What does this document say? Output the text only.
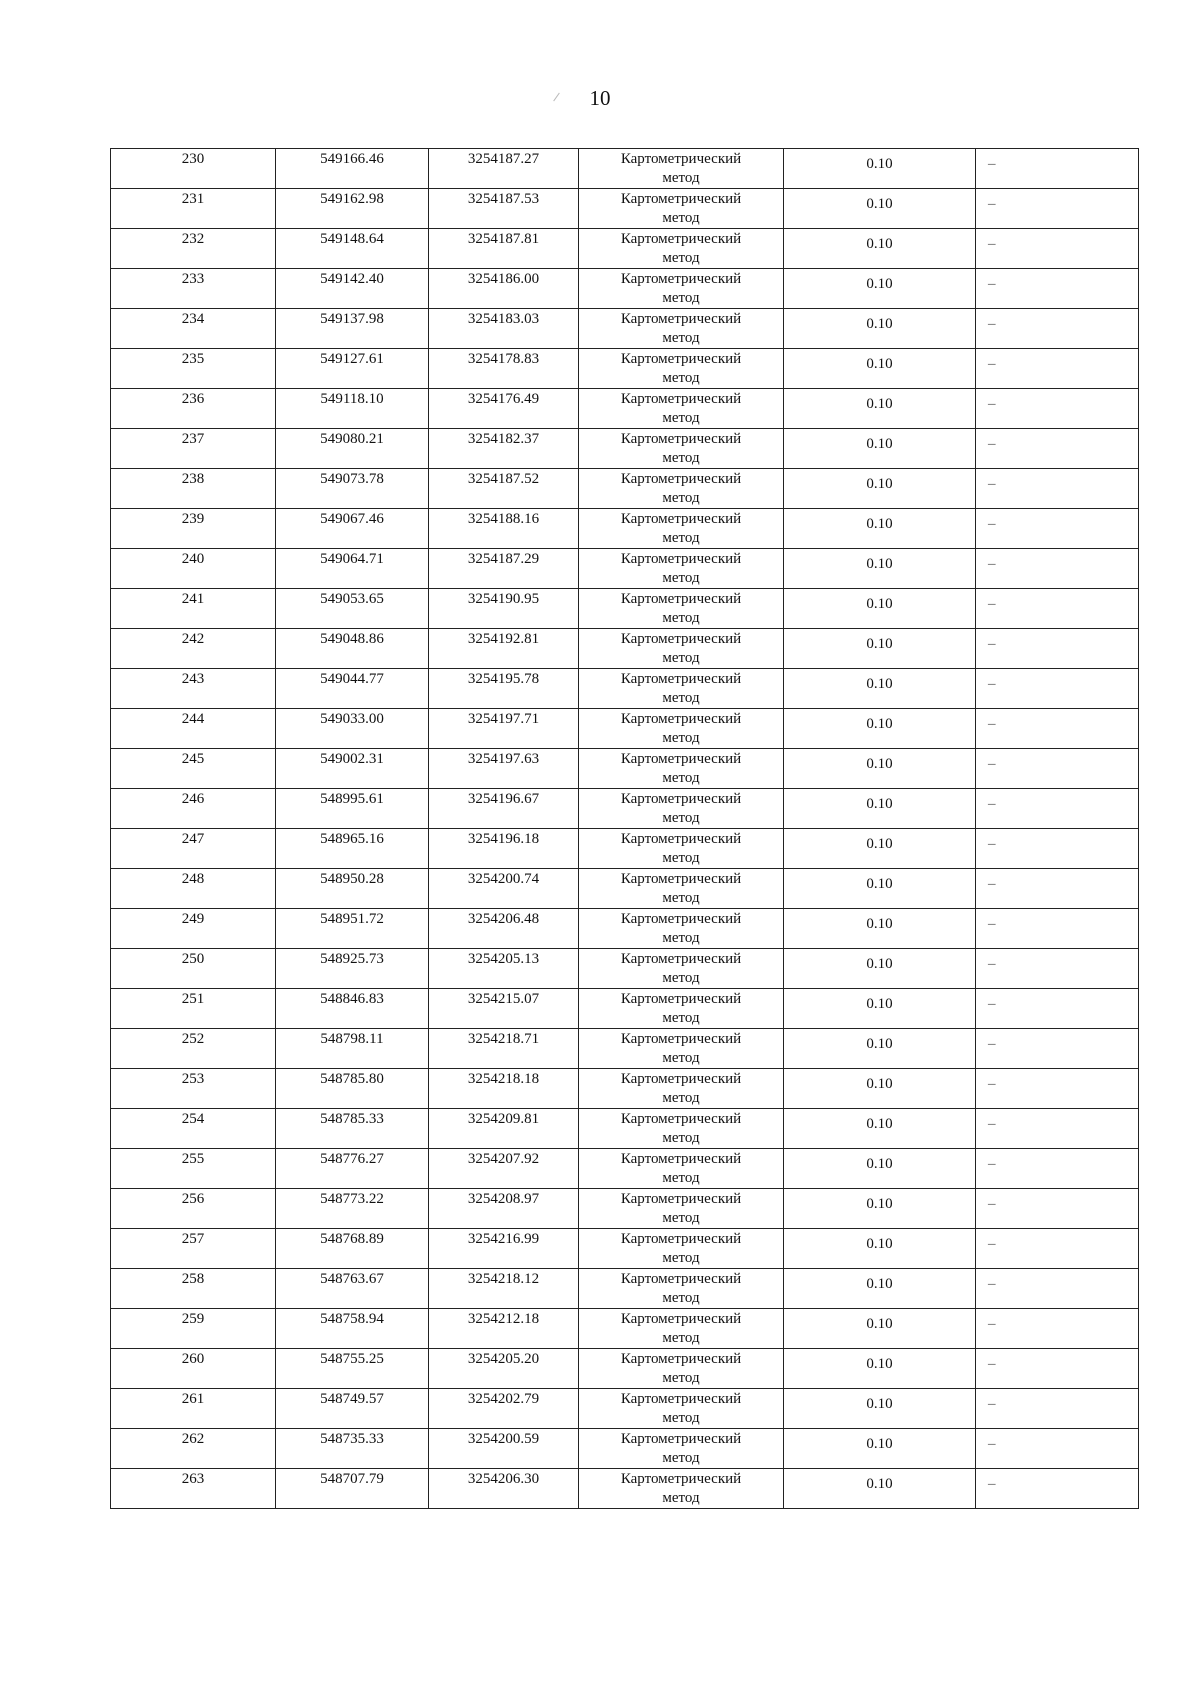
10
230	549166.46	3254187.27	Картометрический
метод	0.10	–

231	549162.98	3254187.53	Картометрический
метод	0.10	–

232	549148.64	3254187.81	Картометрический
метод	0.10	–

233	549142.40	3254186.00	Картометрический
метод	0.10	–

234	549137.98	3254183.03	Картометрический
метод	0.10	–

235	549127.61	3254178.83	Картометрический
метод	0.10	–

236	549118.10	3254176.49	Картометрический
метод	0.10	–

237	549080.21	3254182.37	Картометрический
метод	0.10	–

238	549073.78	3254187.52	Картометрический
метод	0.10	–

239	549067.46	3254188.16	Картометрический
метод	0.10	–

240	549064.71	3254187.29	Картометрический
метод	0.10	–

241	549053.65	3254190.95	Картометрический
метод	0.10	–

242	549048.86	3254192.81	Картометрический
метод	0.10	–

243	549044.77	3254195.78	Картометрический
метод	0.10	–

244	549033.00	3254197.71	Картометрический
метод	0.10	–

245	549002.31	3254197.63	Картометрический
метод	0.10	–

246	548995.61	3254196.67	Картометрический
метод	0.10	–

247	548965.16	3254196.18	Картометрический
метод	0.10	–

248	548950.28	3254200.74	Картометрический
метод	0.10	–

249	548951.72	3254206.48	Картометрический
метод	0.10	–

250	548925.73	3254205.13	Картометрический
метод	0.10	–

251	548846.83	3254215.07	Картометрический
метод	0.10	–

252	548798.11	3254218.71	Картометрический
метод	0.10	–

253	548785.80	3254218.18	Картометрический
метод	0.10	–

254	548785.33	3254209.81	Картометрический
метод	0.10	–

255	548776.27	3254207.92	Картометрический
метод	0.10	–

256	548773.22	3254208.97	Картометрический
метод	0.10	–

257	548768.89	3254216.99	Картометрический
метод	0.10	–

258	548763.67	3254218.12	Картометрический
метод	0.10	–

259	548758.94	3254212.18	Картометрический
метод	0.10	–

260	548755.25	3254205.20	Картометрический
метод	0.10	–

261	548749.57	3254202.79	Картометрический
метод	0.10	–

262	548735.33	3254200.59	Картометрический
метод	0.10	–

263	548707.79	3254206.30	Картометрический
метод	0.10	–
